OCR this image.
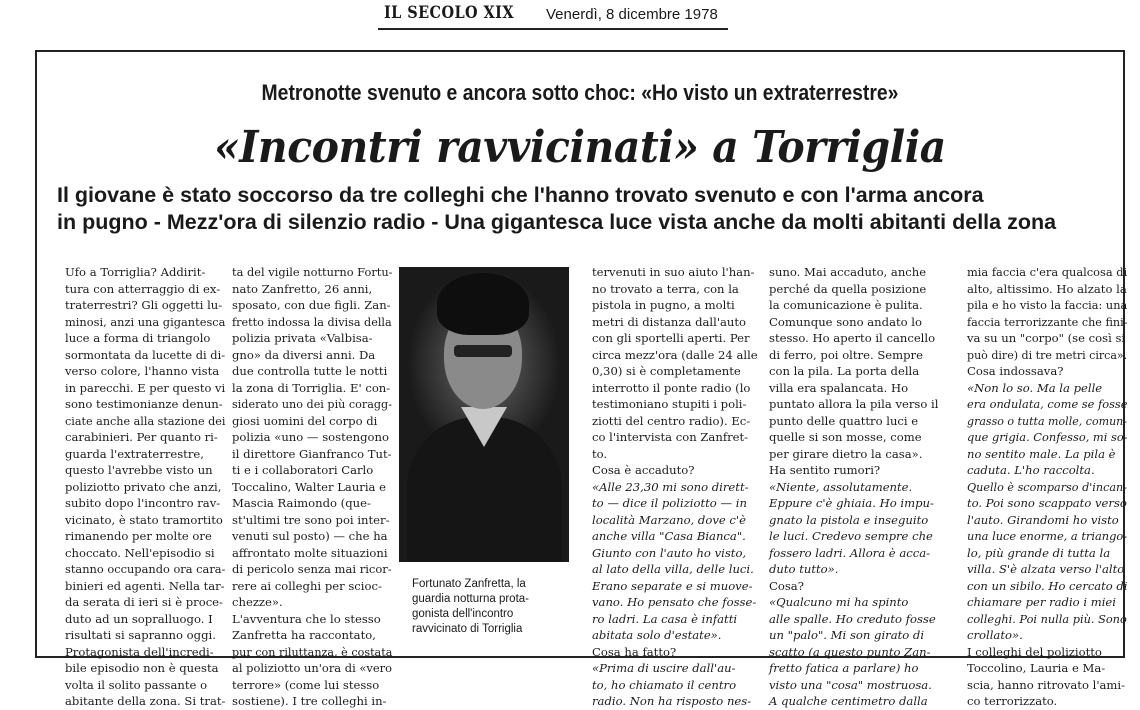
IL SECOLO XIX Venerdì, 8 dicembre 1978
Metronotte svenuto e ancora sotto choc: «Ho visto un extraterrestre»
«Incontri ravvicinati» a Torriglia
Il giovane è stato soccorso da tre colleghi che l'hanno trovato svenuto e con l'arma ancora
in pugno - Mezz'ora di silenzio radio - Una gigantesca luce vista anche da molti abitanti della zona
Ufo a Torriglia? Addirit-
tura con atterraggio di ex-
traterrestri? Gli oggetti lu-
minosi, anzi una gigantesca
luce a forma di triangolo
sormontata da lucette di di-
verso colore, l'hanno vista
in parecchi. E per questo vi
sono testimonianze denun-
ciate anche alla stazione dei
carabinieri. Per quanto ri-
guarda l'extraterrestre,
questo l'avrebbe visto un
poliziotto privato che anzi,
subito dopo l'incontro rav-
vicinato, è stato tramortito
rimanendo per molte ore
choccato. Nell'episodio si
stanno occupando ora cara-
binieri ed agenti. Nella tar-
da serata di ieri si è proce-
duto ad un sopralluogo. I
risultati si sapranno oggi.
Protagonista dell'incredi-
bile episodio non è questa
volta il solito passante o
abitante della zona. Si trat-
ta del vigile notturno Fortu-
nato Zanfretto, 26 anni,
sposato, con due figli. Zan-
fretto indossa la divisa della
polizia privata «Valbisa-
gno» da diversi anni. Da
due controlla tutte le notti
la zona di Torriglia. E' con-
siderato uno dei più coragg-
giosi uomini del corpo di
polizia «uno — sostengono
il direttore Gianfranco Tut-
ti e i collaboratori Carlo
Toccalino, Walter Lauria e
Mascia Raimondo (que-
st'ultimi tre sono poi inter-
venuti sul posto) — che ha
affrontato molte situazioni
di pericolo senza mai ricor-
rere ai colleghi per scioc-
chezze».
L'avventura che lo stesso
Zanfretta ha raccontato,
pur con riluttanza, è costata
al poliziotto un'ora di «vero
terrore» (come lui stesso
sostiene). I tre colleghi in-
Fortunato Zanfretta, la
guardia notturna prota-
gonista dell'incontro
ravvicinato di Torriglia
tervenuti in suo aiuto l'han-
no trovato a terra, con la
pistola in pugno, a molti
metri di distanza dall'auto
con gli sportelli aperti. Per
circa mezz'ora (dalle 24 alle
0,30) si è completamente
interrotto il ponte radio (lo
testimoniano stupiti i poli-
ziotti del centro radio). Ec-
co l'intervista con Zanfret-
to.
Cosa è accaduto?
«Alle 23,30 mi sono dirett-
to — dice il poliziotto — in
località Marzano, dove c'è
anche villa "Casa Bianca".
Giunto con l'auto ho visto,
al lato della villa, delle luci.
Erano separate e si muove-
vano. Ho pensato che fosse-
ro ladri. La casa è infatti
abitata solo d'estate».
Cosa ha fatto?
«Prima di uscire dall'au-
to, ho chiamato il centro
radio. Non ha risposto nes-
suno. Mai accaduto, anche
perché da quella posizione
la comunicazione è pulita.
Comunque sono andato lo
stesso. Ho aperto il cancello
di ferro, poi oltre. Sempre
con la pila. La porta della
villa era spalancata. Ho
puntato allora la pila verso il
punto delle quattro luci e
quelle si son mosse, come
per girare dietro la casa».
Ha sentito rumori?
«Niente, assolutamente.
Eppure c'è ghiaia. Ho impu-
gnato la pistola e inseguito
le luci. Credevo sempre che
fossero ladri. Allora è acca-
duto tutto».
Cosa?
«Qualcuno mi ha spinto
alle spalle. Ho creduto fosse
un "palo". Mi son girato di
scatto (a questo punto Zan-
fretto fatica a parlare) ho
visto una "cosa" mostruosa.
A qualche centimetro dalla
mia faccia c'era qualcosa di
alto, altissimo. Ho alzato la
pila e ho visto la faccia: una
faccia terrorizzante che fini-
va su un "corpo" (se così si
può dire) di tre metri circa».
Cosa indossava?
«Non lo so. Ma la pelle
era ondulata, come se fosse
grasso o tutta molle, comun-
que grigia. Confesso, mi so-
no sentito male. La pila è
caduta. L'ho raccolta.
Quello è scomparso d'incan-
to. Poi sono scappato verso
l'auto. Girandomi ho visto
una luce enorme, a triango-
lo, più grande di tutta la
villa. S'è alzata verso l'alto
con un sibilo. Ho cercato di
chiamare per radio i miei
colleghi. Poi nulla più. Sono
crollato».
I colleghi del poliziotto
Toccolino, Lauria e Ma-
scia, hanno ritrovato l'ami-
co terrorizzato.
